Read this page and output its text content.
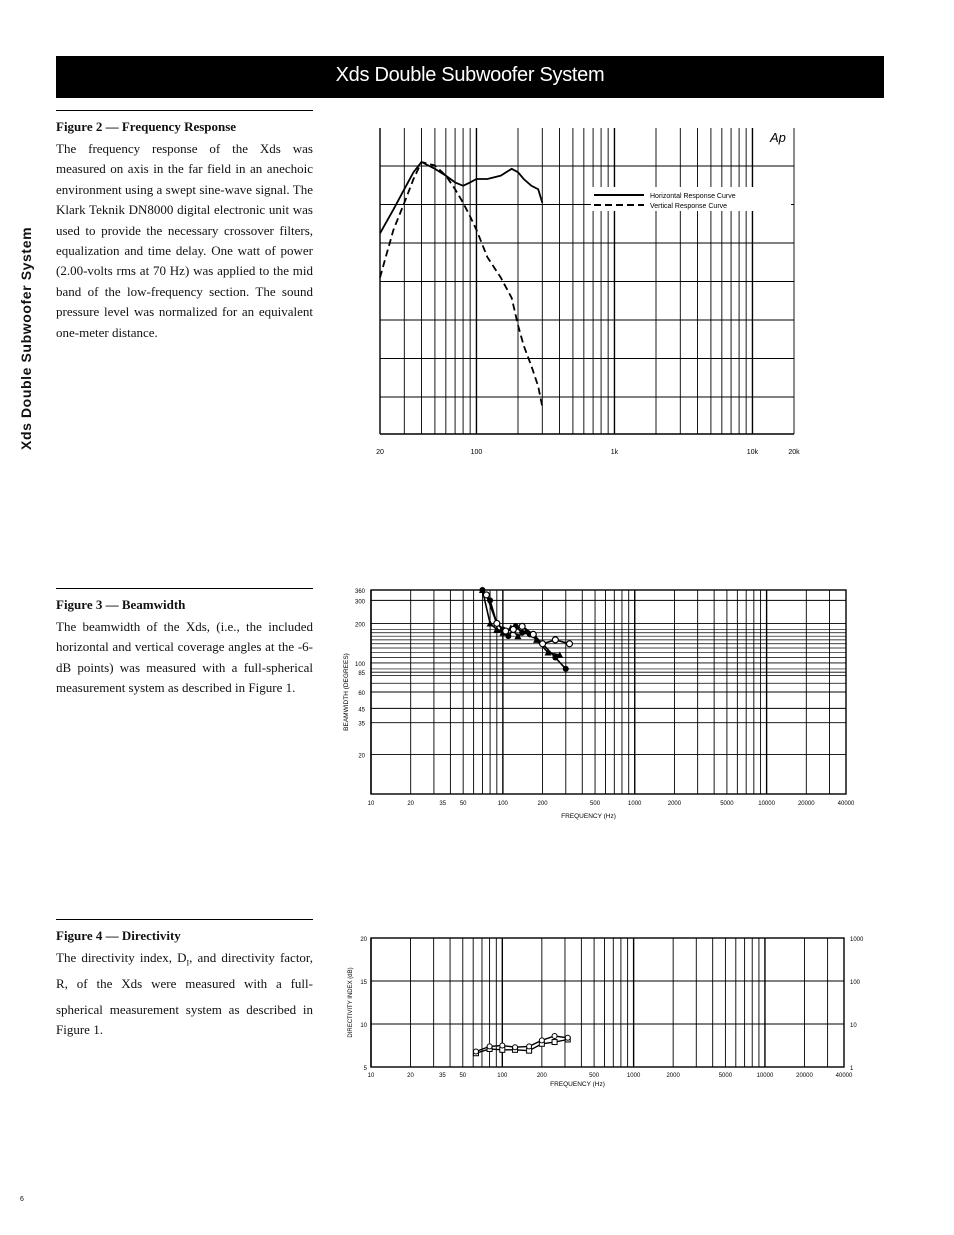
Xds Double Subwoofer System
Xds Double Subwoofer System
Figure 2 — Frequency Response
The frequency response of the Xds was measured on axis in the far field in an anechoic environment using a swept sine-wave signal. The Klark Teknik DN8000 digital electronic unit was used to provide the necessary crossover filters, equalization and time delay. One watt of power (2.00-volts rms at 70 Hz) was applied to the mid band of the low-frequency section. The sound pressure level was normalized for an equivalent one-meter distance.
Figure 3 — Beamwidth
The beamwidth of the Xds, (i.e., the included horizontal and vertical coverage angles at the -6-dB points) was measured with a full-spherical measurement system as described in Figure 1.
Figure 4 — Directivity
The directivity index, $D_I$, and directivity factor, R, of the Xds were measured with a full-spherical measurement system as described in Figure 1.
20	100	1k	10k	20k
Ap
Horizontal Response Curve
Vertical Response Curve
360
300
200
100
85
60
45
35
20
10	20	35 50	100	200	500	1000	2000	5000	10000	20000	40000
FREQUENCY (Hz)
BEAMWIDTH (DEGREES)
20	1000
15	100
10	10
5	1
10	20	35 50	100	200	500	1000	2000	5000	10000	20000	40000
FREQUENCY (Hz)
DIRECTIVITY INDEX (dB)
6
